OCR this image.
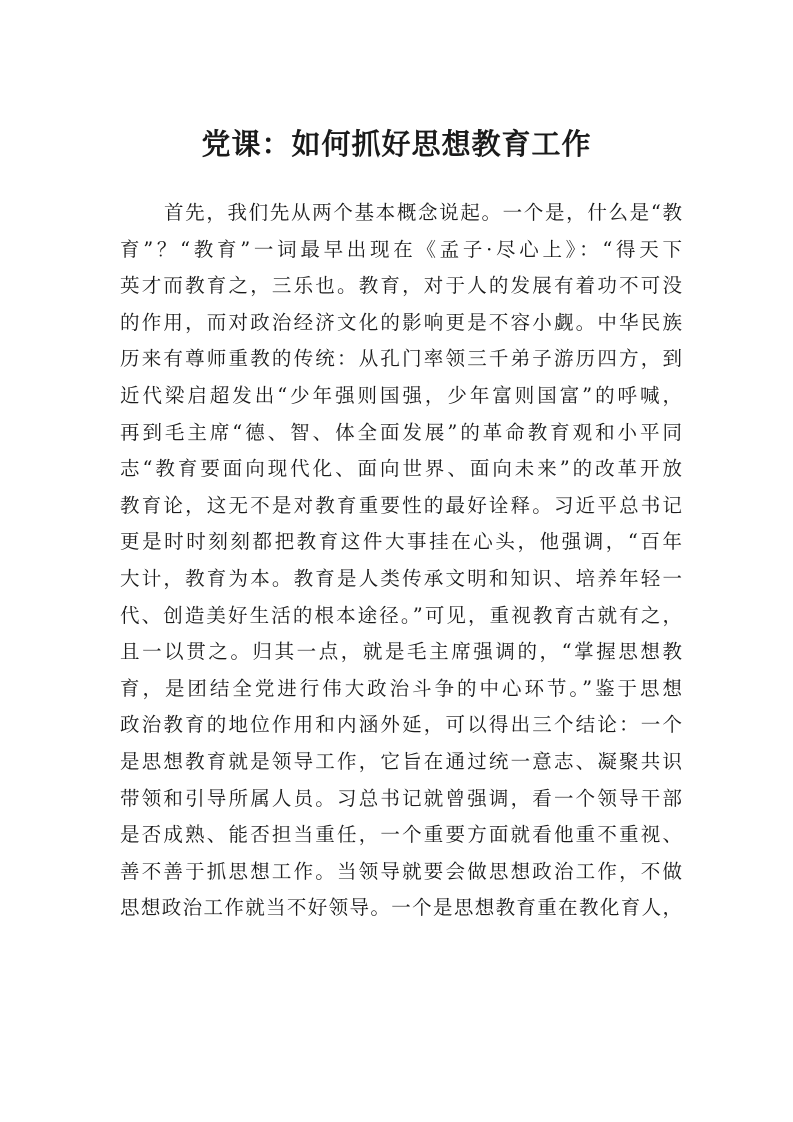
党课：如何抓好思想教育工作
首先，我们先从两个基本概念说起。一个是，什么是“教
育”？“教育”一词最早出现在《孟子·尽心上》：“得天下
英才而教育之，三乐也。教育，对于人的发展有着功不可没
的作用，而对政治经济文化的影响更是不容小觑。中华民族
历来有尊师重教的传统：从孔门率领三千弟子游历四方，到
近代梁启超发出“少年强则国强，少年富则国富”的呼喊，
再到毛主席“德、智、体全面发展”的革命教育观和小平同
志“教育要面向现代化、面向世界、面向未来”的改革开放
教育论，这无不是对教育重要性的最好诠释。习近平总书记
更是时时刻刻都把教育这件大事挂在心头，他强调，“百年
大计，教育为本。教育是人类传承文明和知识、培养年轻一
代、创造美好生活的根本途径。”可见，重视教育古就有之，
且一以贯之。归其一点，就是毛主席强调的，“掌握思想教
育，是团结全党进行伟大政治斗争的中心环节。”鉴于思想
政治教育的地位作用和内涵外延，可以得出三个结论：一个
是思想教育就是领导工作，它旨在通过统一意志、凝聚共识
带领和引导所属人员。习总书记就曾强调，看一个领导干部
是否成熟、能否担当重任，一个重要方面就看他重不重视、
善不善于抓思想工作。当领导就要会做思想政治工作，不做
思想政治工作就当不好领导。一个是思想教育重在教化育人，
